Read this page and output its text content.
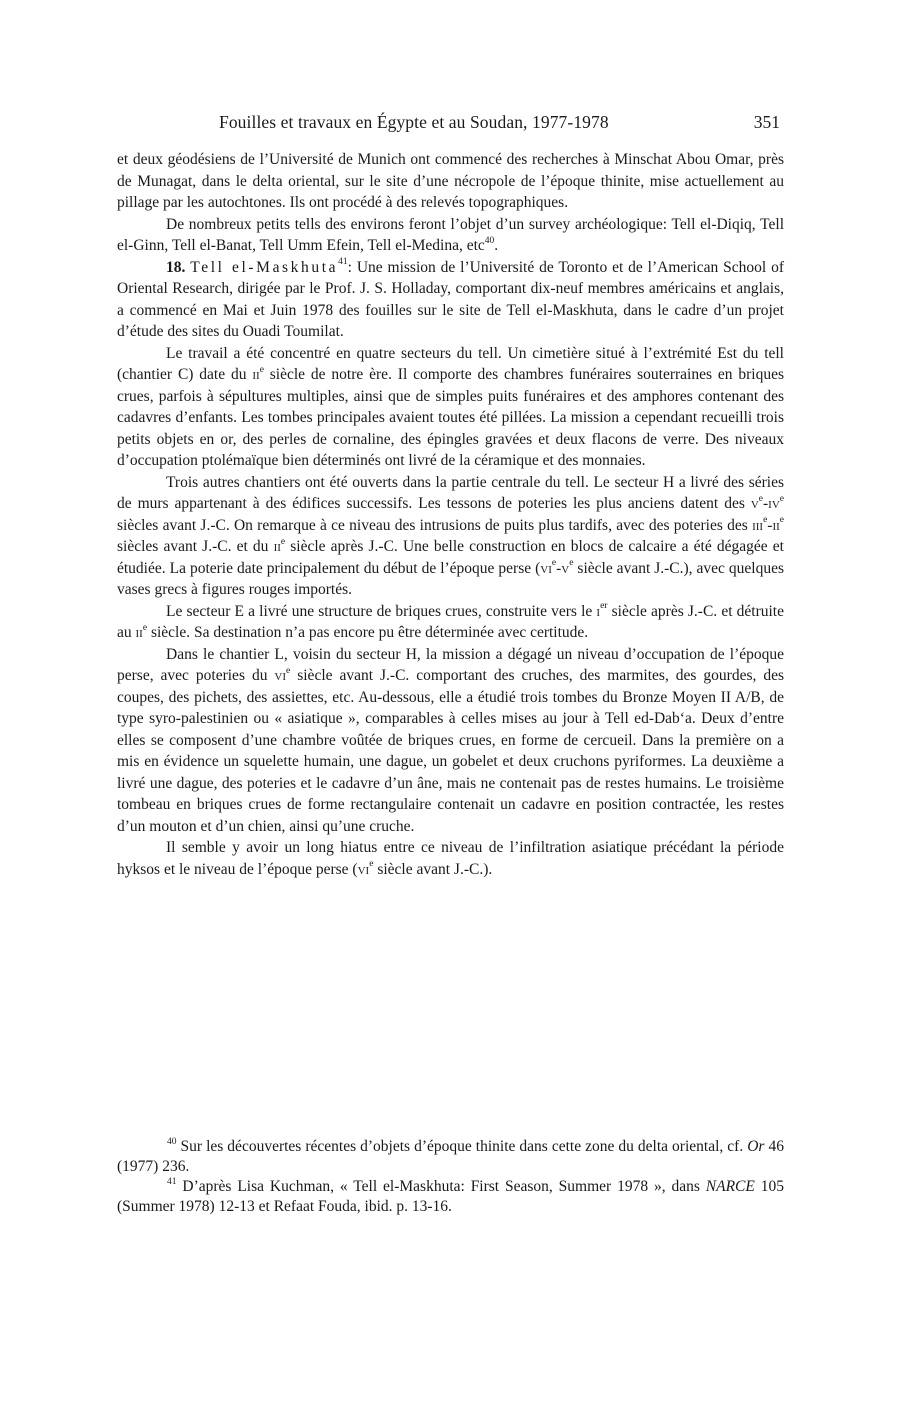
Fouilles et travaux en Égypte et au Soudan, 1977-1978	351

et deux géodésiens de l’Université de Munich ont commencé des recherches à Minschat Abou Omar, près de Munagat, dans le delta oriental, sur le site d’une nécropole de l’époque thinite, mise actuellement au pillage par les autochtones. Ils ont procédé à des relevés topographiques.

De nombreux petits tells des environs feront l’objet d’un survey archéologique: Tell el-Diqiq, Tell el-Ginn, Tell el-Banat, Tell Umm Efein, Tell el-Medina, etc$^{40}$.

18. Tell el-Maskhuta$^{41}$: Une mission de l’Université de Toronto et de l’American School of Oriental Research, dirigée par le Prof. J. S. Holladay, comportant dix-neuf membres américains et anglais, a commencé en Mai et Juin 1978 des fouilles sur le site de Tell el-Maskhuta, dans le cadre d’un projet d’étude des sites du Ouadi Toumilat.

Le travail a été concentré en quatre secteurs du tell. Un cimetière situé à l’extrémité Est du tell (chantier C) date du $ii^e$ siècle de notre ère. Il comporte des chambres funéraires souterraines en briques crues, parfois à sépultures multiples, ainsi que de simples puits funéraires et des amphores contenant des cadavres d’enfants. Les tombes principales avaient toutes été pillées. La mission a cependant recueilli trois petits objets en or, des perles de cornaline, des épingles gravées et deux flacons de verre. Des niveaux d’occupation ptolémaïque bien déterminés ont livré de la céramique et des monnaies.

Trois autres chantiers ont été ouverts dans la partie centrale du tell. Le secteur H a livré des séries de murs appartenant à des édifices successifs. Les tessons de poteries les plus anciens datent des $v^e-iv^e$ siècles avant J.-C. On remarque à ce niveau des intrusions de puits plus tardifs, avec des poteries des $iii^e-ii^e$ siècles avant J.-C. et du $ii^e$ siècle après J.-C. Une belle construction en blocs de calcaire a été dégagée et étudiée. La poterie date principalement du début de l’époque perse ($vi^e-v^e$ siècle avant J.-C.), avec quelques vases grecs à figures rouges importés.

Le secteur E a livré une structure de briques crues, construite vers le $i^{er}$ siècle après J.-C. et détruite au $ii^e$ siècle. Sa destination n’a pas encore pu être déterminée avec certitude.

Dans le chantier L, voisin du secteur H, la mission a dégagé un niveau d’occupation de l’époque perse, avec poteries du $vi^e$ siècle avant J.-C. comportant des cruches, des marmites, des gourdes, des coupes, des pichets, des assiettes, etc. Au-dessous, elle a étudié trois tombes du Bronze Moyen II A/B, de type syro-palestinien ou « asiatique », comparables à celles mises au jour à Tell ed-Dab‘a. Deux d’entre elles se composent d’une chambre voûtée de briques crues, en forme de cercueil. Dans la première on a mis en évidence un squelette humain, une dague, un gobelet et deux cruchons pyriformes. La deuxième a livré une dague, des poteries et le cadavre d’un âne, mais ne contenait pas de restes humains. Le troisième tombeau en briques crues de forme rectangulaire contenait un cadavre en position contractée, les restes d’un mouton et d’un chien, ainsi qu’une cruche.

Il semble y avoir un long hiatus entre ce niveau de l’infiltration asiatique précédant la période hyksos et le niveau de l’époque perse ($vi^e$ siècle avant J.-C.).

$^{40}$ Sur les découvertes récentes d’objets d’époque thinite dans cette zone du delta oriental, cf. Or 46 (1977) 236.

$^{41}$ D’après Lisa Kuchman, « Tell el-Maskhuta: First Season, Summer 1978 », dans NARCE 105 (Summer 1978) 12-13 et Refaat Fouda, ibid. p. 13-16.
